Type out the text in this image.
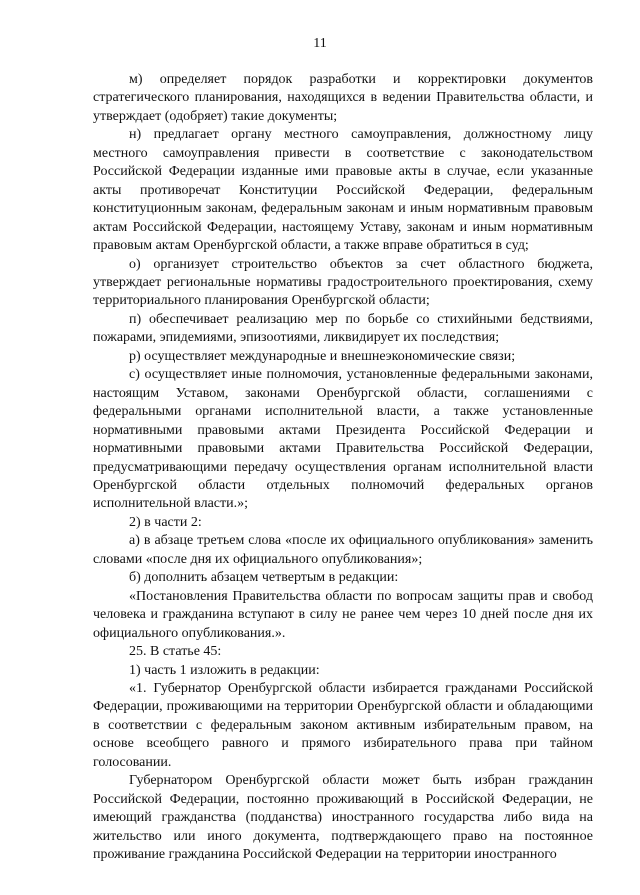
11

м) определяет порядок разработки и корректировки документов стратегического планирования, находящихся в ведении Правительства области, и утверждает (одобряет) такие документы;

н) предлагает органу местного самоуправления, должностному лицу местного самоуправления привести в соответствие с законодательством Российской Федерации изданные ими правовые акты в случае, если указанные акты противоречат Конституции Российской Федерации, федеральным конституционным законам, федеральным законам и иным нормативным правовым актам Российской Федерации, настоящему Уставу, законам и иным нормативным правовым актам Оренбургской области, а также вправе обратиться в суд;

о) организует строительство объектов за счет областного бюджета, утверждает региональные нормативы градостроительного проектирования, схему территориального планирования Оренбургской области;

п) обеспечивает реализацию мер по борьбе со стихийными бедствиями, пожарами, эпидемиями, эпизоотиями, ликвидирует их последствия;

р) осуществляет международные и внешнеэкономические связи;

с) осуществляет иные полномочия, установленные федеральными законами, настоящим Уставом, законами Оренбургской области, соглашениями с федеральными органами исполнительной власти, а также установленные нормативными правовыми актами Президента Российской Федерации и нормативными правовыми актами Правительства Российской Федерации, предусматривающими передачу осуществления органам исполнительной власти Оренбургской области отдельных полномочий федеральных органов исполнительной власти.»;

2) в части 2:

а) в абзаце третьем слова «после их официального опубликования» заменить словами «после дня их официального опубликования»;

б) дополнить абзацем четвертым в редакции:

«Постановления Правительства области по вопросам защиты прав и свобод человека и гражданина вступают в силу не ранее чем через 10 дней после дня их официального опубликования.».

25. В статье 45:

1) часть 1 изложить в редакции:

«1. Губернатор Оренбургской области избирается гражданами Российской Федерации, проживающими на территории Оренбургской области и обладающими в соответствии с федеральным законом активным избирательным правом, на основе всеобщего равного и прямого избирательного права при тайном голосовании.

Губернатором Оренбургской области может быть избран гражданин Российской Федерации, постоянно проживающий в Российской Федерации, не имеющий гражданства (подданства) иностранного государства либо вида на жительство или иного документа, подтверждающего право на постоянное проживание гражданина Российской Федерации на территории иностранного
